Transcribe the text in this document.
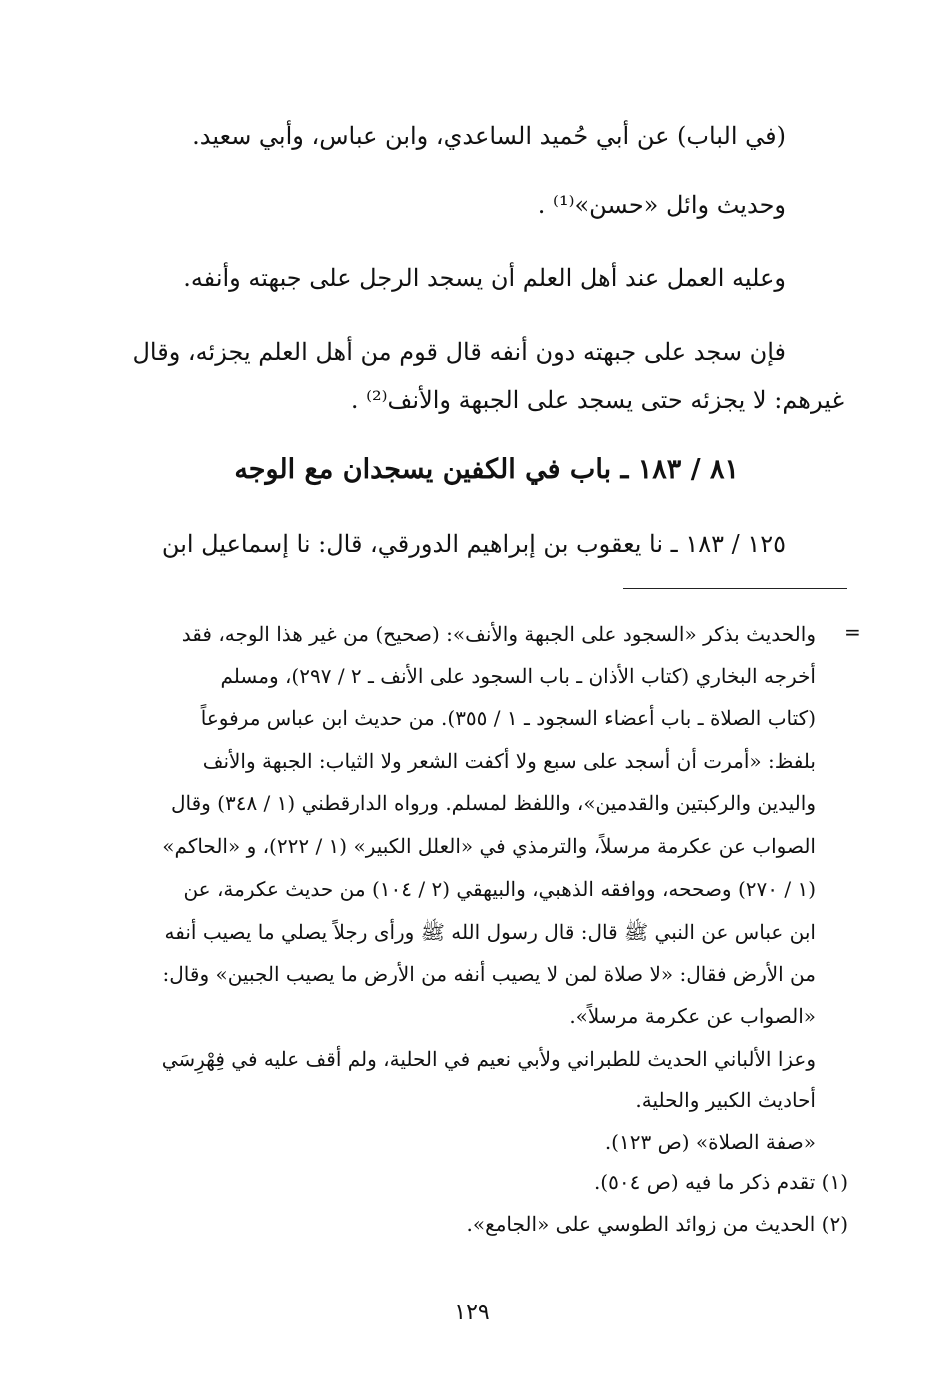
(في الباب) عن أبي حُميد الساعدي، وابن عباس، وأبي سعيد.

وحديث وائل «حسن»⁽¹⁾ .

وعليه العمل عند أهل العلم أن يسجد الرجل على جبهته وأنفه.

فإن سجد على جبهته دون أنفه قال قوم من أهل العلم يجزئه، وقال

غيرهم: لا يجزئه حتى يسجد على الجبهة والأنف⁽²⁾ .

٨١ / ١٨٣ ـ باب في الكفين يسجدان مع الوجه

١٢٥ / ١٨٣ ـ نا يعقوب بن إبراهيم الدورقي، قال: نا إسماعيل ابن

=

والحديث بذكر «السجود على الجبهة والأنف»: (صحيح) من غير هذا الوجه، فقد

أخرجه البخاري (كتاب الأذان ـ باب السجود على الأنف ـ ٢ / ٢٩٧)، ومسلم

(كتاب الصلاة ـ باب أعضاء السجود ـ ١ / ٣٥٥). من حديث ابن عباس مرفوعاً

بلفظ: «أمرت أن أسجد على سبع ولا أكفت الشعر ولا الثياب: الجبهة والأنف

واليدين والركبتين والقدمين»، واللفظ لمسلم. ورواه الدارقطني (١ / ٣٤٨) وقال

الصواب عن عكرمة مرسلاً، والترمذي في «العلل الكبير» (١ / ٢٢٢)، و «الحاكم»

(١ / ٢٧٠) وصححه، ووافقه الذهبي، والبيهقي (٢ / ١٠٤) من حديث عكرمة، عن

ابن عباس عن النبي ﷺ قال: قال رسول الله ﷺ ورأى رجلاً يصلي ما يصيب أنفه

من الأرض فقال: «لا صلاة لمن لا يصيب أنفه من الأرض ما يصيب الجبين» وقال:

«الصواب عن عكرمة مرسلاً».

وعزا الألباني الحديث للطبراني ولأبي نعيم في الحلية، ولم أقف عليه في فِهْرِسَي

أحاديث الكبير والحلية.

«صفة الصلاة» (ص ١٢٣).

(١) تقدم ذكر ما فيه (ص ٥٠٤).

(٢) الحديث من زوائد الطوسي على «الجامع».

١٢٩
